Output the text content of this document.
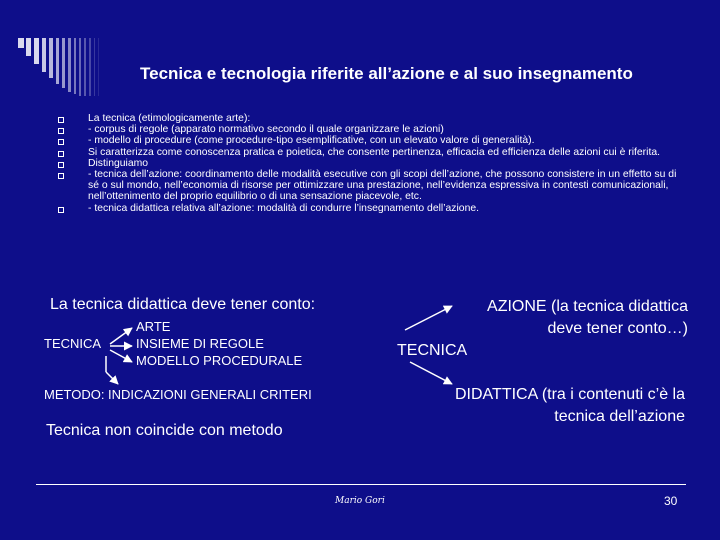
Tecnica e tecnologia riferite all’azione e al suo insegnamento
La tecnica (etimologicamente arte):
- corpus di regole (apparato normativo secondo il quale organizzare le azioni)
- modello di procedure (come procedure-tipo esemplificative, con un elevato valore di generalità).
Si caratterizza come conoscenza pratica e poietica, che consente pertinenza, efficacia ed efficienza delle azioni cui è riferita.
Distinguiamo
- tecnica dell’azione: coordinamento delle modalità esecutive con gli scopi dell’azione, che possono consistere in un effetto su di sé o sul mondo, nell’economia di risorse per ottimizzare una prestazione, nell’evidenza espressiva in contesti comunicazionali, nell’ottenimento del proprio equilibrio o di una sensazione piacevole, etc.
- tecnica didattica relativa all’azione: modalità di condurre l’insegnamento dell’azione.
La tecnica didattica deve tener conto:
TECNICA
ARTE
INSIEME DI REGOLE
MODELLO PROCEDURALE
METODO: INDICAZIONI GENERALI CRITERI
Tecnica non coincide con metodo
TECNICA
AZIONE (la tecnica didattica deve tener conto…)
DIDATTICA (tra i contenuti c’è la tecnica dell’azione
Mario Gori	30
